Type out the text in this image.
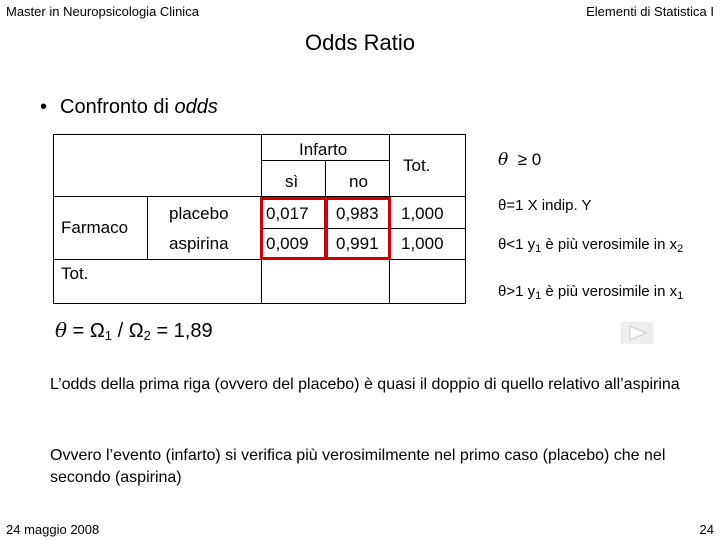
Master in Neuropsicologia Clinica	Elementi di Statistica I
Odds Ratio
• Confronto di odds
Infarto
sì	no
Tot.
Farmaco
Tot.
placebo 0,017 0,983 1,000
aspirina 0,009 0,991 1,000
θ ≥ 0
θ=1 X indip. Y
θ<1 $y_1$ è più verosimile in $x_2$
θ>1 $y_1$ è più verosimile in $x_1$
$\theta = \Omega_1 / \Omega_2 = 1,89$
L’odds della prima riga (ovvero del placebo) è quasi il doppio di quello relativo all’aspirina
Ovvero l’evento (infarto) si verifica più verosimilmente nel primo caso (placebo) che nel secondo (aspirina)
24 maggio 2008	24
